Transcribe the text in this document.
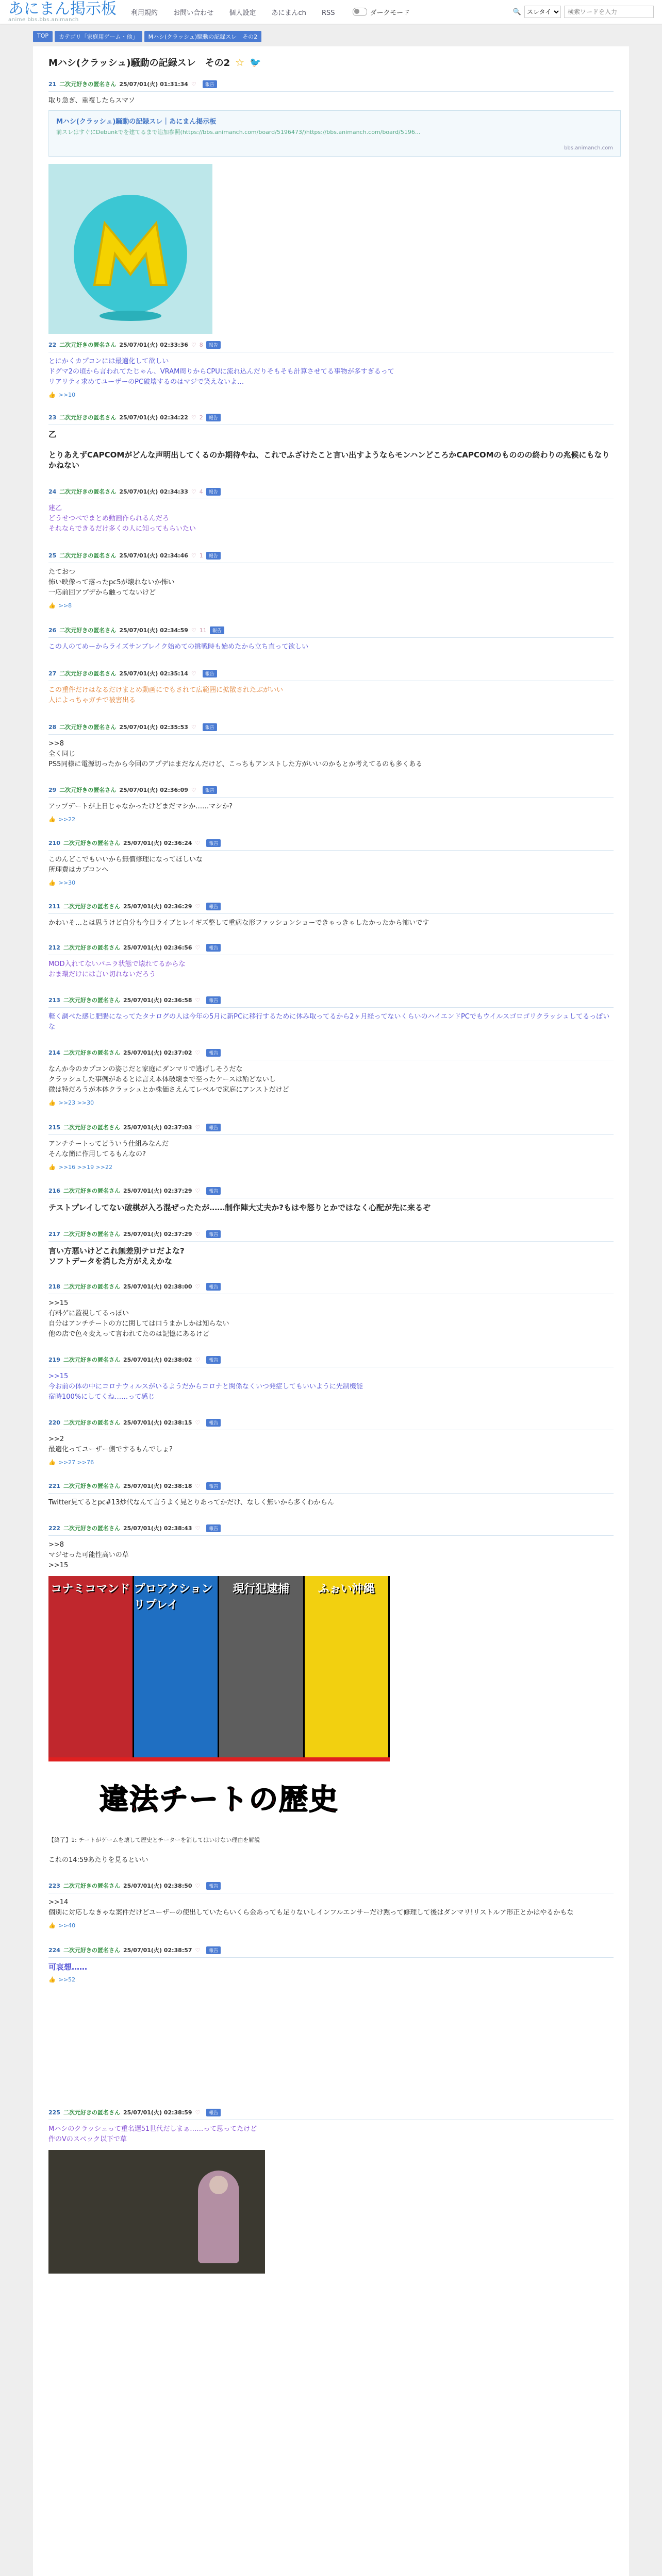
あにまん掲示板
anime bbs.bbs.animanch
利用規約 お問い合わせ 個人設定 あにまんch RSS	ダークモード	🔍
スレタイ
検索ワードを入力
TOP	カテゴリ「家庭用ゲーム・他」	Mハシ(クラッシュ)騒動の記録スレ　その2
Mハシ(クラッシュ)騒動の記録スレ　その2 ☆ 🐦
21 二次元好きの匿名さん 25/07/01(火) 01:31:34 ♡	報告
取り急ぎ、重複したらスマソ
Mハシ(クラッシュ)騒動の記録スレ｜あにまん掲示板
前スレはすぐにDebunkでを建てるまで追加参照(https://bbs.animanch.com/board/5196473/)https://bbs.animanch.com/board/5196...
bbs.animanch.com
22 二次元好きの匿名さん 25/07/01(火) 02:33:36 ♡ 8	報告
とにかくカプコンには最適化して欲しい
ドグマ2の頃から言われてたじゃん、VRAM周りからCPUに流れ込んだりそもそも計算させてる事物が多すぎるって
リアリティ求めてユーザーのPC破壊するのはマジで笑えないよ…
👍 >>10
23 二次元好きの匿名さん 25/07/01(火) 02:34:22 ♡ 2	報告
乙

とりあえずCAPCOMがどんな声明出してくるのか期待やね、これでふざけたこと言い出すようならモンハンどころかCAPCOMのもののの終わりの兆候にもなりかねない
24 二次元好きの匿名さん 25/07/01(火) 02:34:33 ♡ 4	報告
建乙
どうせつべでまとめ動画作られるんだろ
それならできるだけ多くの人に知ってもらいたい
25 二次元好きの匿名さん 25/07/01(火) 02:34:46 ♡ 1	報告
たておつ
怖い映像って落ったpc5が壊れないか怖い
一応前回アプデから触ってないけど
👍 >>8
26 二次元好きの匿名さん 25/07/01(火) 02:34:59 ♡ 11	報告
この人のてめーからライズサンブレイク始めての挑戦時も始めたから立ち直って欲しい
27 二次元好きの匿名さん 25/07/01(火) 02:35:14 ♡	報告
この重件だけはなるだけまとめ動画にでもされて広範囲に拡散されたぶがいい
人によっちゃガチで被害出る
28 二次元好きの匿名さん 25/07/01(火) 02:35:53 ♡	報告
>>8
全く同じ
PS5同様に電源切ったから今回のアプデはまだなんだけど、こっちもアンストした方がいいのかもとか考えてるのも多くある
29 二次元好きの匿名さん 25/07/01(火) 02:36:09 ♡	報告
アップデートが上日じゃなかったけどまだマシか……マシか?
👍 >>22
210 二次元好きの匿名さん 25/07/01(火) 02:36:24 ♡	報告
このんどこでもいいから無償修理になってほしいな
所理費はカプコンへ
👍 >>30
211 二次元好きの匿名さん 25/07/01(火) 02:36:29 ♡	報告
かわいそ…とは思うけど自分も今日ライブとレイギズ整して重病な形ファッションショーできゃっきゃしたかったから怖いです
212 二次元好きの匿名さん 25/07/01(火) 02:36:56 ♡	報告
MOD入れてないバニラ状態で壊れてるからな
おま環だけには言い切れないだろう
213 二次元好きの匿名さん 25/07/01(火) 02:36:58 ♡	報告
軽く調べた感じ肥腸になってたタナログの人は今年の5月に新PCに移行するために休み取ってるから2ヶ月経ってないくらいのハイエンドPCでもウイルスゴロゴリクラッシュしてるっぽいな
214 二次元好きの匿名さん 25/07/01(火) 02:37:02 ♡	報告
なんか今のカプコンの姿じだと家庭にダンマリで逃げしそうだな
クラッシュした事例があるとは言え本体破壊まで至ったケースは殆どないし
微は特だろうが本体クラッシュとか株価さえんてレベルで家庭にアンストだけど
👍 >>23 >>30
215 二次元好きの匿名さん 25/07/01(火) 02:37:03 ♡	報告
アンチチートってどういう仕組みなんだ
そんな簡に作用してるもんなの?
👍 >>16 >>19 >>22
216 二次元好きの匿名さん 25/07/01(火) 02:37:29 ♡	報告
テストプレイしてない破棋が入ろ混ぜったたが……制作陣大丈夫か?もはや怒りとかではなく心配が先に来るぞ
217 二次元好きの匿名さん 25/07/01(火) 02:37:29 ♡	報告
言い方悪いけどこれ無差別テロだよな?
ソフトデータを消した方がええかな
218 二次元好きの匿名さん 25/07/01(火) 02:38:00 ♡	報告
>>15
有料ゲに監視してるっぽい
自分はアンチチートの方に関しては口うまかしかは知らない
他の店で色々変えって言われてたのは記憶にあるけど
219 二次元好きの匿名さん 25/07/01(火) 02:38:02 ♡	報告
>>15
今お前の体の中にコロナウィルスがいるようだからコロナと関係なくいつ発症してもいいように先制機能
宿時100%にしてくね……って感じ
220 二次元好きの匿名さん 25/07/01(火) 02:38:15 ♡	報告
>>2
最適化ってユーザー側でするもんでしょ?
👍 >>27 >>76
221 二次元好きの匿名さん 25/07/01(火) 02:38:18 ♡	報告
Twitter見てるとpc#13炒代なんて言うよく見とりあってかだけ、なしく無いから多くわからん
222 二次元好きの匿名さん 25/07/01(火) 02:38:43 ♡	報告
>>8
マジせった可能性高いの草
>>15
コナミコマンド プロアクションリプレイ
現行犯逮捕	ふぉい沖縄
違法チートの歴史
【終了】1: チートがゲームを壊して歴史とチーターを消してはいけない理由を解説
これの14:59あたりを見るといい
223 二次元好きの匿名さん 25/07/01(火) 02:38:50 ♡	報告
>>14
個別に対応しなきゃな案件だけどユーザーの使出していたらいくら金あっても足りないしインフルエンサーだけ黙って修理して後はダンマリ!リストルア形正とかはやるかもな
👍 >>40
224 二次元好きの匿名さん 25/07/01(火) 02:38:57 ♡	報告
可哀想……
👍 >>52
225 二次元好きの匿名さん 25/07/01(火) 02:38:59 ♡	報告
Mハシのクラッシュって重名遅51世代だしまぁ……って思ってたけど
件のVのスペック以下で草
